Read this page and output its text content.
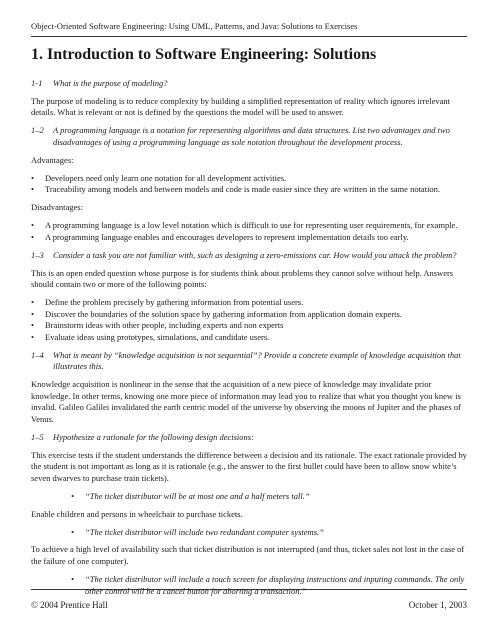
Object-Oriented Software Engineering: Using UML, Patterns, and Java: Solutions to Exercises
1. Introduction to Software Engineering: Solutions
1-1	What is the purpose of modeling?

The purpose of modeling is to reduce complexity by building a simplified representation of reality which ignores irrelevant details. What is relevant or not is defined by the questions the model will be used to answer.

1–2	A programming language is a notation for representing algorithms and data structures. List two advantages and two disadvantages of using a programming language as sole notation throughout the development process.

Advantages:

• Developers need only learn one notation for all development activities.
• Traceability among models and between models and code is made easier since they are written in the same notation.

Disadvantages:

• A programming language is a low level notation which is difficult to use for representing user requirements, for example.
• A programming language enables and encourages developers to represent implementation details too early.
1–3	Consider a task you are not familiar with, such as designing a zero-emissions car. How would you attack the problem?

This is an open ended question whose purpose is for students think about problems they cannot solve without help. Answers should contain two or more of the following points:

• Define the problem precisely by gathering information from potential users.
• Discover the boundaries of the solution space by gathering information from application domain experts.
• Brainstorm ideas with other people, including experts and non experts
• Evaluate ideas using prototypes, simulations, and candidate users.
1–4	What is meant by “knowledge acquisition is not sequential”? Provide a concrete example of knowledge acquisition that illustrates this.

Knowledge acquisition is nonlinear in the sense that the acquisition of a new piece of knowledge may invalidate prior knowledge. In other terms, knowing one more piece of information may lead you to realize that what you thought you knew is invalid. Galileo Galilei invalidated the earth centric model of the universe by observing the moons of Jupiter and the phases of Venus.

1–5	Hypothesize a rationale for the following design decisions:

This exercise tests if the student understands the difference between a decision and its rationale. The exact rationale provided by the student is not important as long as it is rationale (e.g., the answer to the first bullet could have been to allow snow white’s seven dwarves to purchase train tickets).

• “The ticket distributor will be at most one and a half meters tall.”

Enable children and persons in wheelchair to purchase tickets.

• “The ticket distributor will include two redundant computer systems.”

To achieve a high level of availability such that ticket distribution is not interrupted (and thus, ticket sales not lost in the case of the failure of one computer).

• “The ticket distributor will include a touch screen for displaying instructions and inputing commands. The only other control will be a cancel button for aborting a transaction.”
© 2004 Prentice Hall	October 1, 2003
